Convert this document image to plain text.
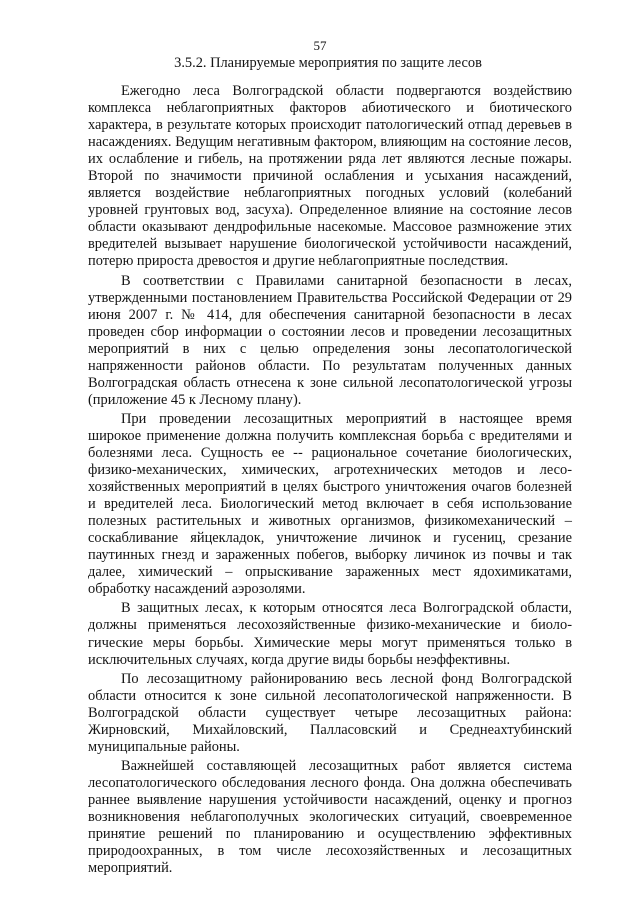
57
3.5.2. Планируемые мероприятия по защите лесов

Ежегодно леса Волгоградской области подвергаются воздействию комплекса неблагоприятных факторов абиотического и биотического характера, в результате которых происходит патологический отпад деревьев в насаждениях. Ведущим негативным фактором, влияющим на состояние лесов, их ослабление и гибель, на протяжении ряда лет являются лесные пожары. Второй по значимости причиной ослабления и усыхания насаждений, является воздействие неблагоприятных погодных условий (колебаний уровней грунтовых вод, засуха). Определенное влияние на состояние лесов области оказывают дендрофильные насекомые. Массовое размножение этих вредителей вызывает нарушение биологической устойчивости насаждений, потерю прироста древостоя и другие неблагоприятные последствия.

В соответствии с Правилами санитарной безопасности в лесах, утвержденными постановлением Правительства Российской Федерации от 29 июня 2007 г. № 414, для обеспечения санитарной безопасности в лесах проведен сбор информации о состоянии лесов и проведении лесозащитных мероприятий в них с целью определения зоны лесопатологической напряженности районов области. По результатам полученных данных Волгоградская область отнесена к зоне сильной лесопатологической угрозы (приложение 45 к Лесному плану).

При проведении лесозащитных мероприятий в настоящее время широкое применение должна получить комплексная борьба с вредителями и болезнями леса. Сущность ее -- рациональное сочетание биологических, физико-механических, химических, агротехнических методов и лесохозяйственных мероприятий в целях быстрого уничтожения очагов болезней и вредителей леса. Биологический метод включает в себя использование полезных растительных и животных организмов, физикомеханический – соскабливание яйцекладок, уничтожение личинок и гусениц, срезание паутинных гнезд и зараженных побегов, выборку личинок из почвы и так далее, химический – опрыскивание зараженных мест ядохимикатами, обработку насаждений аэрозолями.

В защитных лесах, к которым относятся леса Волгоградской области, должны применяться лесохозяйственные физико-механические и биологические меры борьбы. Химические меры могут применяться только в исключительных случаях, когда другие виды борьбы неэффективны.

По лесозащитному районированию весь лесной фонд Волгоградской области относится к зоне сильной лесопатологической напряженности. В Волгоградской области существует четыре лесозащитных района: Жирновский, Михайловский, Палласовский и Среднеахтубинский муниципальные районы.

Важнейшей составляющей лесозащитных работ является система лесопатологического обследования лесного фонда. Она должна обеспечивать раннее выявление нарушения устойчивости насаждений, оценку и прогноз возникновения неблагополучных экологических ситуаций, своевременное принятие решений по планированию и осуществлению эффективных природоохранных, в том числе лесохозяйственных и лесозащитных мероприятий.
